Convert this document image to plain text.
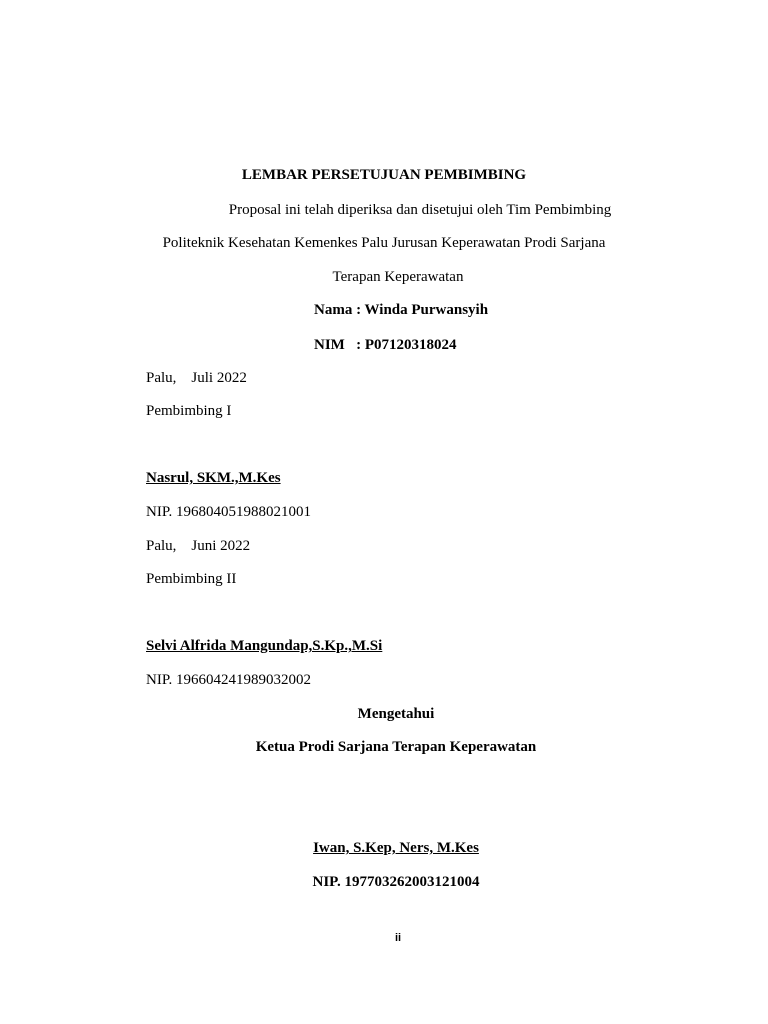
LEMBAR PERSETUJUAN PEMBIMBING
Proposal ini telah diperiksa dan disetujui oleh Tim Pembimbing
Politeknik Kesehatan Kemenkes Palu Jurusan Keperawatan Prodi Sarjana
Terapan Keperawatan
Nama : Winda Purwansyih
NIM   : P07120318024
Palu,    Juli 2022
Pembimbing I
Nasrul, SKM.,M.Kes
NIP. 196804051988021001
Palu,    Juni 2022
Pembimbing II
Selvi Alfrida Mangundap,S.Kp.,M.Si
NIP. 196604241989032002
Mengetahui
Ketua Prodi Sarjana Terapan Keperawatan
Iwan, S.Kep, Ners, M.Kes
NIP. 197703262003121004
ii
